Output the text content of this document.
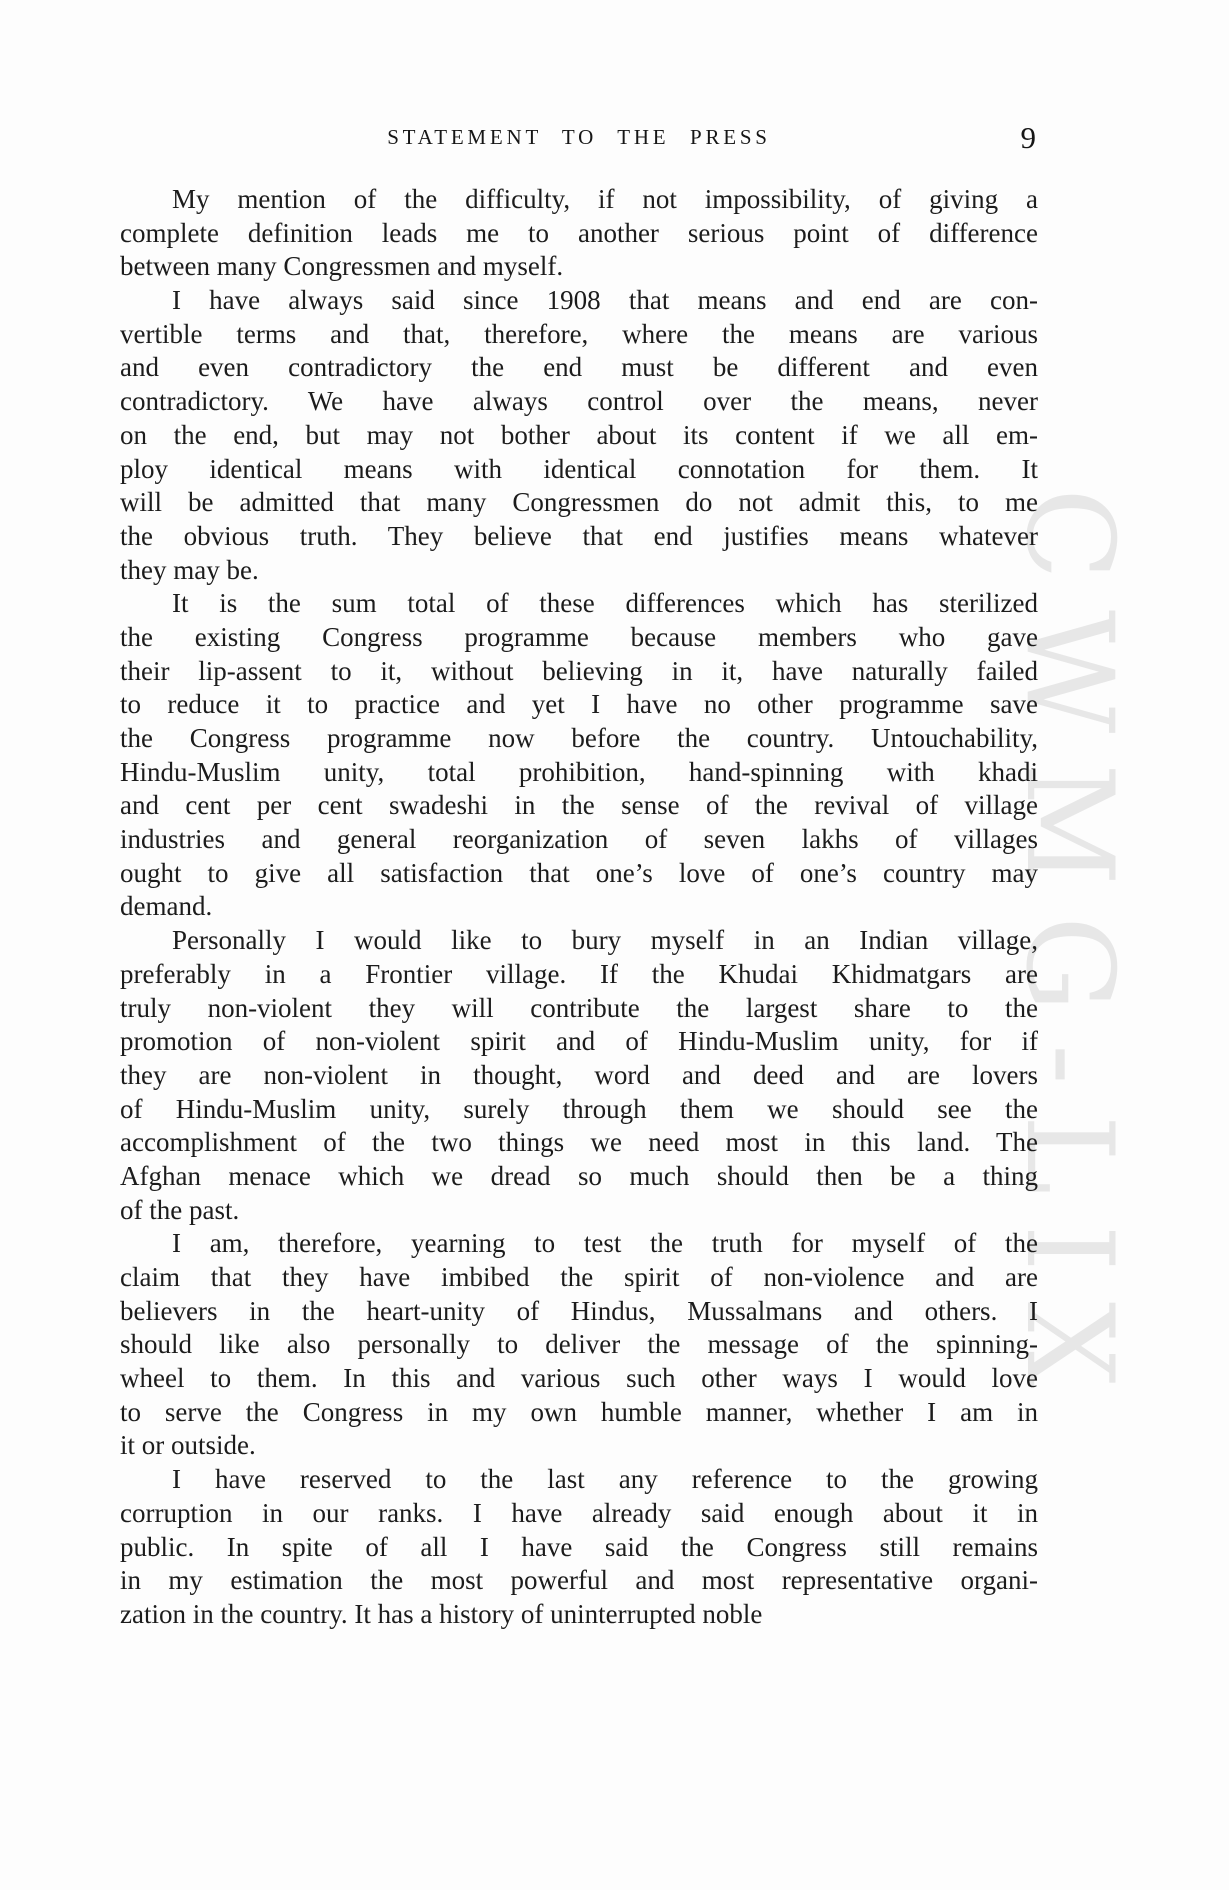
CWMG-LIX
STATEMENT TO THE PRESS	9
My mention of the difficulty, if not impossibility, of giving a
complete definition leads me to another serious point of difference
between many Congressmen and myself.
I have always said since 1908 that means and end are con-
vertible terms and that, therefore, where the means are various
and even contradictory the end must be different and even
contradictory. We have always control over the means, never
on the end, but may not bother about its content if we all em-
ploy identical means with identical connotation for them. It
will be admitted that many Congressmen do not admit this, to me
the obvious truth. They believe that end justifies means whatever
they may be.
It is the sum total of these differences which has sterilized
the existing Congress programme because members who gave
their lip-assent to it, without believing in it, have naturally failed
to reduce it to practice and yet I have no other programme save
the Congress programme now before the country. Untouchability,
Hindu-Muslim unity, total prohibition, hand-spinning with khadi
and cent per cent swadeshi in the sense of the revival of village
industries and general reorganization of seven lakhs of villages
ought to give all satisfaction that one’s love of one’s country may
demand.
Personally I would like to bury myself in an Indian village,
preferably in a Frontier village. If the Khudai Khidmatgars are
truly non-violent they will contribute the largest share to the
promotion of non-violent spirit and of Hindu-Muslim unity, for if
they are non-violent in thought, word and deed and are lovers
of Hindu-Muslim unity, surely through them we should see the
accomplishment of the two things we need most in this land. The
Afghan menace which we dread so much should then be a thing
of the past.
I am, therefore, yearning to test the truth for myself of the
claim that they have imbibed the spirit of non-violence and are
believers in the heart-unity of Hindus, Mussalmans and others. I
should like also personally to deliver the message of the spinning-
wheel to them. In this and various such other ways I would love
to serve the Congress in my own humble manner, whether I am in
it or outside.
I have reserved to the last any reference to the growing
corruption in our ranks. I have already said enough about it in
public. In spite of all I have said the Congress still remains
in my estimation the most powerful and most representative organi-
zation in the country. It has a history of uninterrupted noble
